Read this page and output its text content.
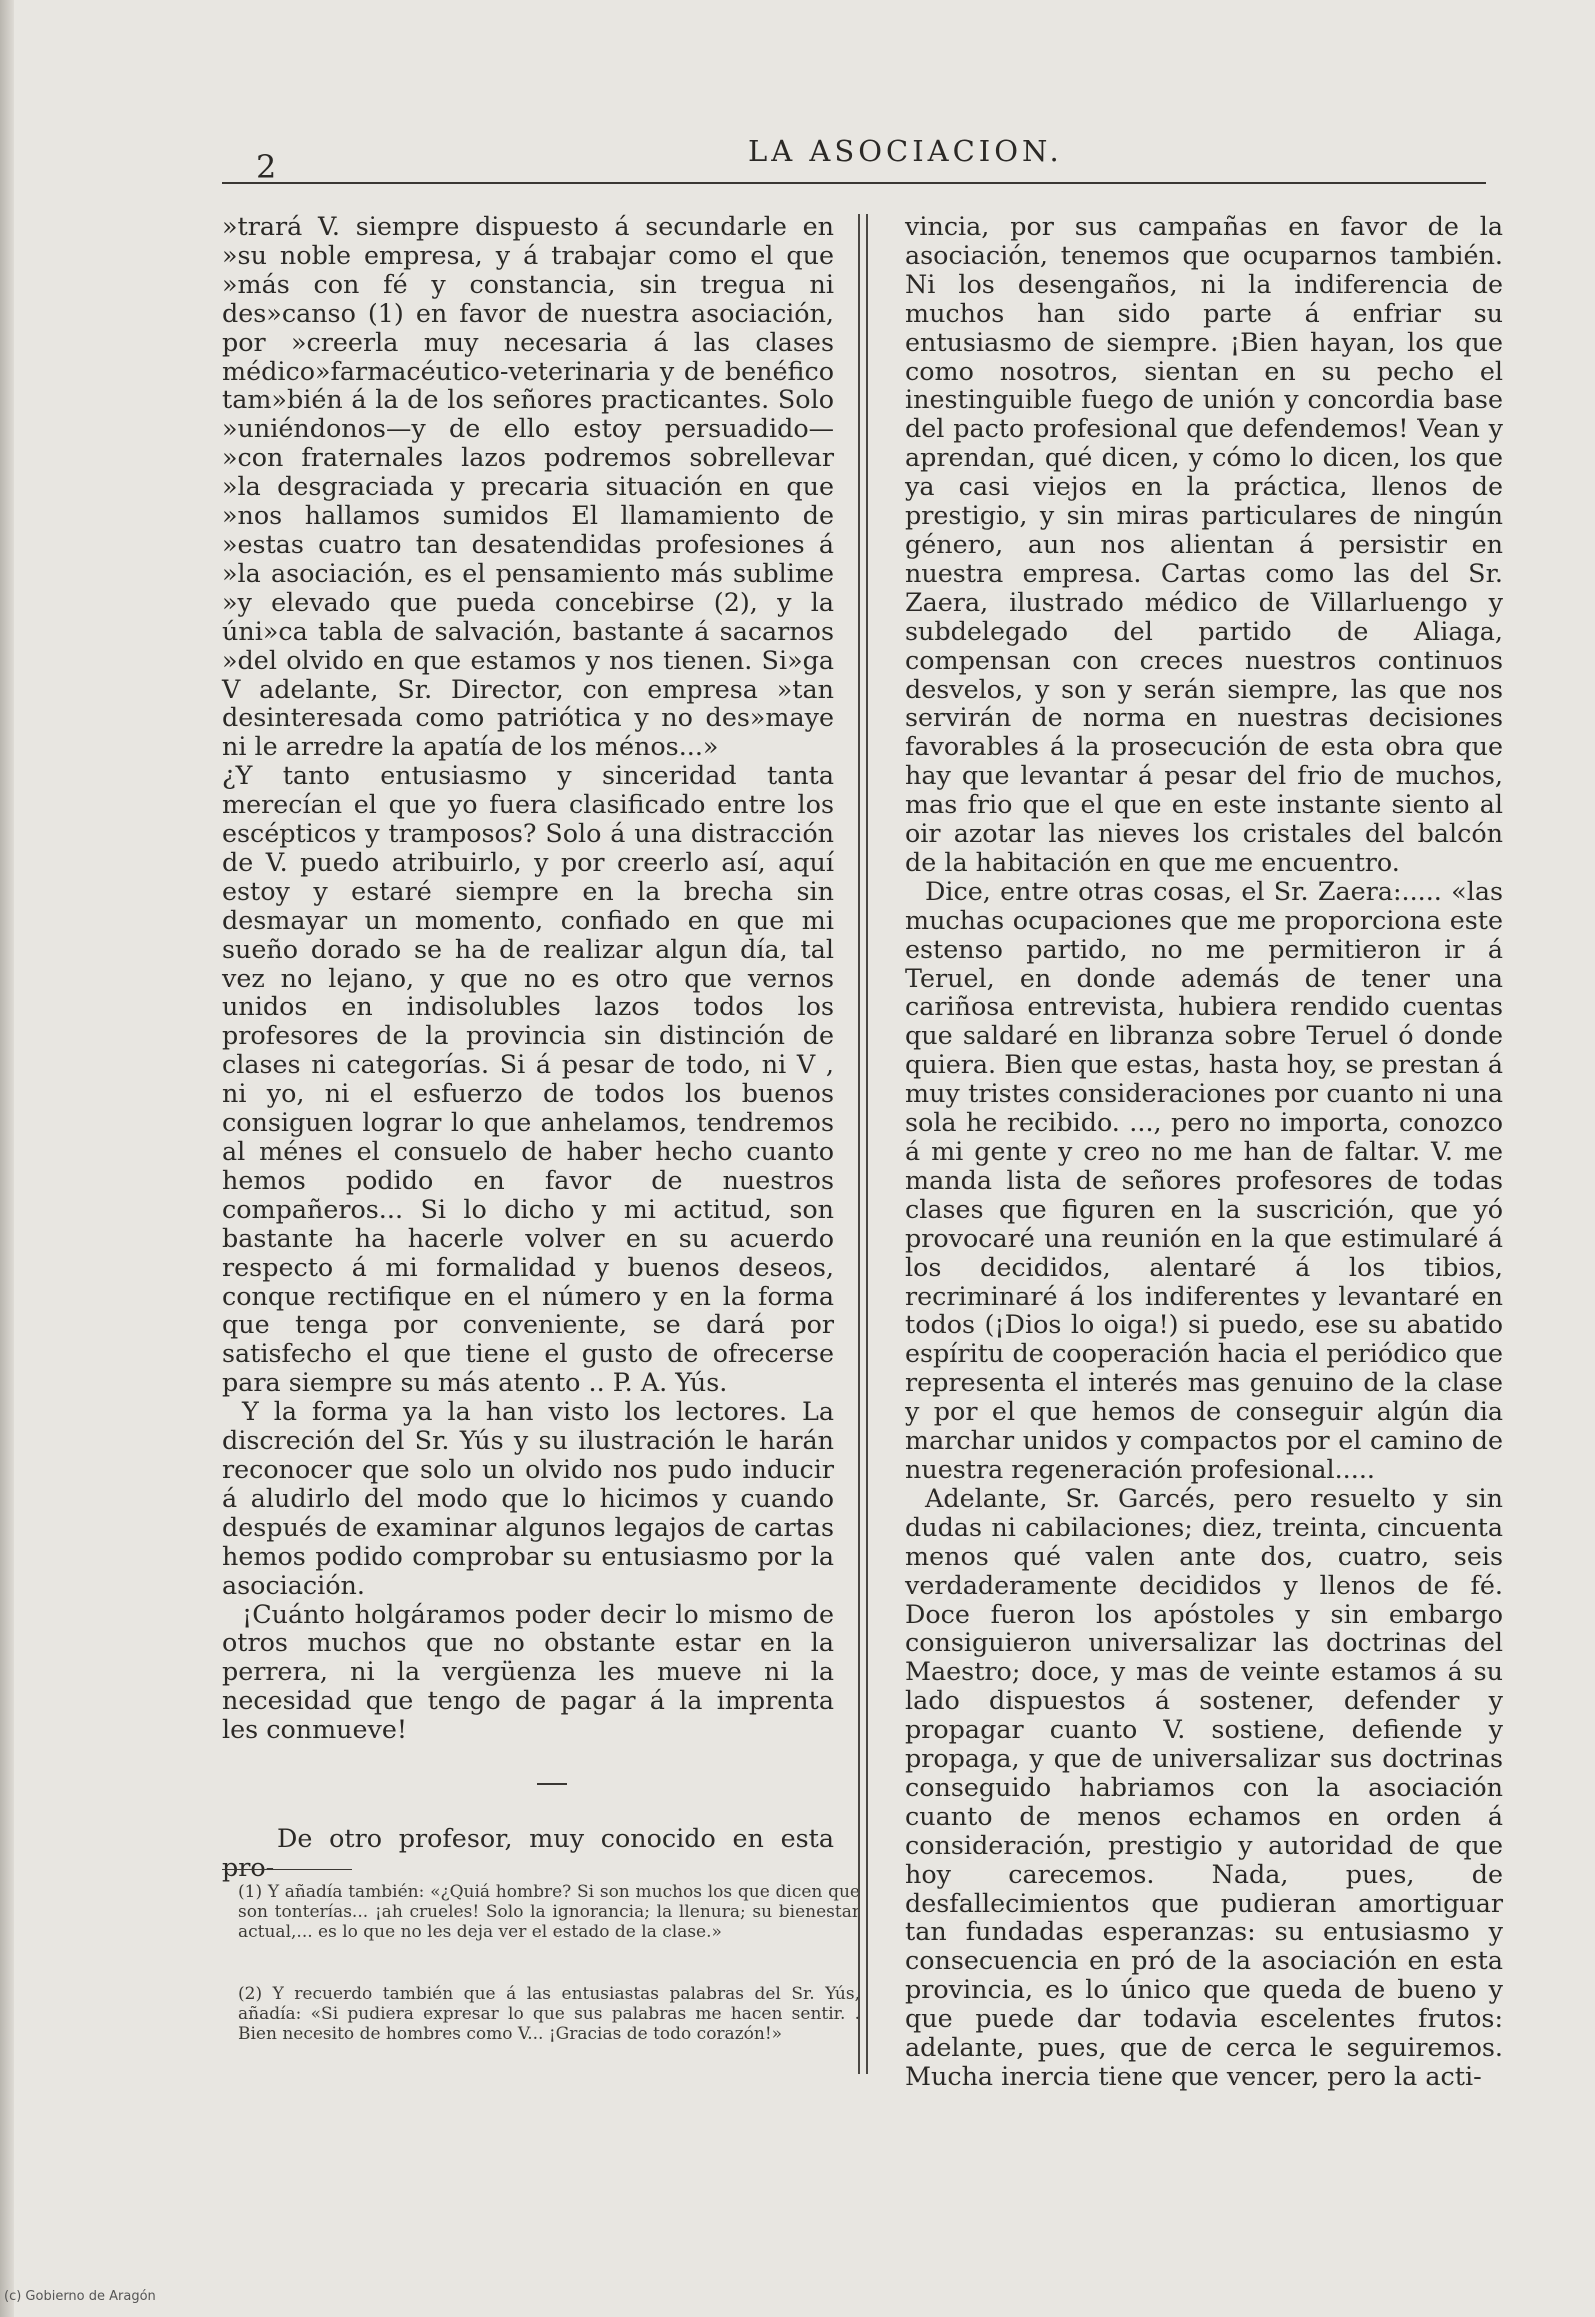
2	LA ASOCIACION.

»trará V. siempre dispuesto á secundarle en »su noble empresa, y á trabajar como el que »más con fé y constancia, sin tregua ni des»canso (1) en favor de nuestra asociación, por »creerla muy necesaria á las clases médico»farmacéutico-veterinaria y de benéfico tam»bién á la de los señores practicantes. Solo »uniéndonos—y de ello estoy persuadido— »con fraternales lazos podremos sobrellevar »la desgraciada y precaria situación en que »nos hallamos sumidos El llamamiento de »estas cuatro tan desatendidas profesiones á »la asociación, es el pensamiento más sublime »y elevado que pueda concebirse (2), y la úni»ca tabla de salvación, bastante á sacarnos »del olvido en que estamos y nos tienen. Si»ga V adelante, Sr. Director, con empresa »tan desinteresada como patriótica y no des»maye ni le arredre la apatía de los ménos...»

¿Y tanto entusiasmo y sinceridad tanta merecían el que yo fuera clasificado entre los escépticos y tramposos? Solo á una distracción de V. puedo atribuirlo, y por creerlo así, aquí estoy y estaré siempre en la brecha sin desmayar un momento, confiado en que mi sueño dorado se ha de realizar algun día, tal vez no lejano, y que no es otro que vernos unidos en indisolubles lazos todos los profesores de la provincia sin distinción de clases ni categorías. Si á pesar de todo, ni V , ni yo, ni el esfuerzo de todos los buenos consiguen lograr lo que anhelamos, tendremos al ménes el consuelo de haber hecho cuanto hemos podido en favor de nuestros compañeros... Si lo dicho y mi actitud, son bastante ha hacerle volver en su acuerdo respecto á mi formalidad y buenos deseos, conque rectifique en el número y en la forma que tenga por conveniente, se dará por satisfecho el que tiene el gusto de ofrecerse para siempre su más atento .. P. A. Yús.

Y la forma ya la han visto los lectores. La discreción del Sr. Yús y su ilustración le harán reconocer que solo un olvido nos pudo inducir á aludirlo del modo que lo hicimos y cuando después de examinar algunos legajos de cartas hemos podido comprobar su entusiasmo por la asociación.

¡Cuánto holgáramos poder decir lo mismo de otros muchos que no obstante estar en la perrera, ni la vergüenza les mueve ni la necesidad que tengo de pagar á la imprenta les conmueve!

De otro profesor, muy conocido en esta pro-
(1) Y añadía también: «¿Quiá hombre? Si son muchos los que dicen que son tonterías... ¡ah crueles! Solo la ignorancia; la llenura; su bienestar actual,... es lo que no les deja ver el estado de la clase.»
(2) Y recuerdo también que á las entusiastas palabras del Sr. Yús, añadía: «Si pudiera expresar lo que sus palabras me hacen sentir. . Bien necesito de hombres como V... ¡Gracias de todo corazón!»

vincia, por sus campañas en favor de la asociación, tenemos que ocuparnos también. Ni los desengaños, ni la indiferencia de muchos han sido parte á enfriar su entusiasmo de siempre. ¡Bien hayan, los que como nosotros, sientan en su pecho el inestinguible fuego de unión y concordia base del pacto profesional que defendemos! Vean y aprendan, qué dicen, y cómo lo dicen, los que ya casi viejos en la práctica, llenos de prestigio, y sin miras particulares de ningún género, aun nos alientan á persistir en nuestra empresa. Cartas como las del Sr. Zaera, ilustrado médico de Villarluengo y subdelegado del partido de Aliaga, compensan con creces nuestros continuos desvelos, y son y serán siempre, las que nos servirán de norma en nuestras decisiones favorables á la prosecución de esta obra que hay que levantar á pesar del frio de muchos, mas frio que el que en este instante siento al oir azotar las nieves los cristales del balcón de la habitación en que me encuentro.

Dice, entre otras cosas, el Sr. Zaera:..... «las muchas ocupaciones que me proporciona este estenso partido, no me permitieron ir á Teruel, en donde además de tener una cariñosa entrevista, hubiera rendido cuentas que saldaré en libranza sobre Teruel ó donde quiera. Bien que estas, hasta hoy, se prestan á muy tristes consideraciones por cuanto ni una sola he recibido. ..., pero no importa, conozco á mi gente y creo no me han de faltar. V. me manda lista de señores profesores de todas clases que figuren en la suscrición, que yó provocaré una reunión en la que estimularé á los decididos, alentaré á los tibios, recriminaré á los indiferentes y levantaré en todos (¡Dios lo oiga!) si puedo, ese su abatido espíritu de cooperación hacia el periódico que representa el interés mas genuino de la clase y por el que hemos de conseguir algún dia marchar unidos y compactos por el camino de nuestra regeneración profesional.....

Adelante, Sr. Garcés, pero resuelto y sin dudas ni cabilaciones; diez, treinta, cincuenta menos qué valen ante dos, cuatro, seis verdaderamente decididos y llenos de fé. Doce fueron los apóstoles y sin embargo consiguieron universalizar las doctrinas del Maestro; doce, y mas de veinte estamos á su lado dispuestos á sostener, defender y propagar cuanto V. sostiene, defiende y propaga, y que de universalizar sus doctrinas conseguido habriamos con la asociación cuanto de menos echamos en orden á consideración, prestigio y autoridad de que hoy carecemos. Nada, pues, de desfallecimientos que pudieran amortiguar tan fundadas esperanzas: su entusiasmo y consecuencia en pró de la asociación en esta provincia, es lo único que queda de bueno y que puede dar todavia escelentes frutos: adelante, pues, que de cerca le seguiremos. Mucha inercia tiene que vencer, pero la acti-

(c) Gobierno de Aragón
